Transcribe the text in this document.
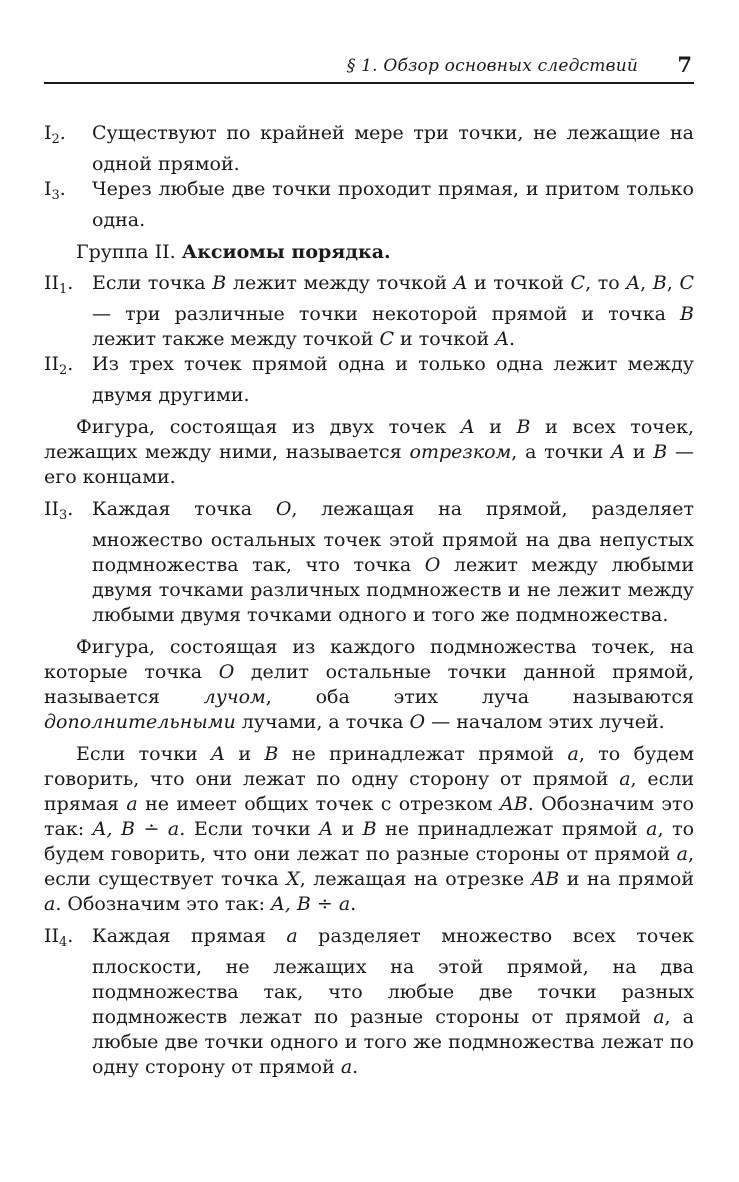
§ 1. Обзор основных следствий 7

$I_2$. Существуют по крайней мере три точки, не лежащие на одной прямой.

$I_3$. Через любые две точки проходит прямая, и притом только одна.

Группа II. Аксиомы порядка.

$II_1$. Если точка B лежит между точкой A и точкой C, то A, B, C — три различные точки некоторой прямой и точка B лежит также между точкой C и точкой A.

$II_2$. Из трех точек прямой одна и только одна лежит между двумя другими.

Фигура, состоящая из двух точек A и B и всех точек, лежащих между ними, называется отрезком, а точки A и B — его концами.

$II_3$. Каждая точка O, лежащая на прямой, разделяет множество остальных точек этой прямой на два непустых подмножества так, что точка O лежит между любыми двумя точками различных подмножеств и не лежит между любыми двумя точками одного и того же подмножества.

Фигура, состоящая из каждого подмножества точек, на которые точка O делит остальные точки данной прямой, называется лучом, оба этих луча называются дополнительными лучами, а точка O — началом этих лучей.

Если точки A и B не принадлежат прямой a, то будем говорить, что они лежат по одну сторону от прямой a, если прямая a не имеет общих точек с отрезком AB. Обозначим это так: A, B ∸ a. Если точки A и B не принадлежат прямой a, то будем говорить, что они лежат по разные стороны от прямой a, если существует точка X, лежащая на отрезке AB и на прямой a. Обозначим это так: A, B ÷ a.

$II_4$. Каждая прямая a разделяет множество всех точек плоскости, не лежащих на этой прямой, на два подмножества так, что любые две точки разных подмножеств лежат по разные стороны от прямой a, а любые две точки одного и того же подмножества лежат по одну сторону от прямой a.
